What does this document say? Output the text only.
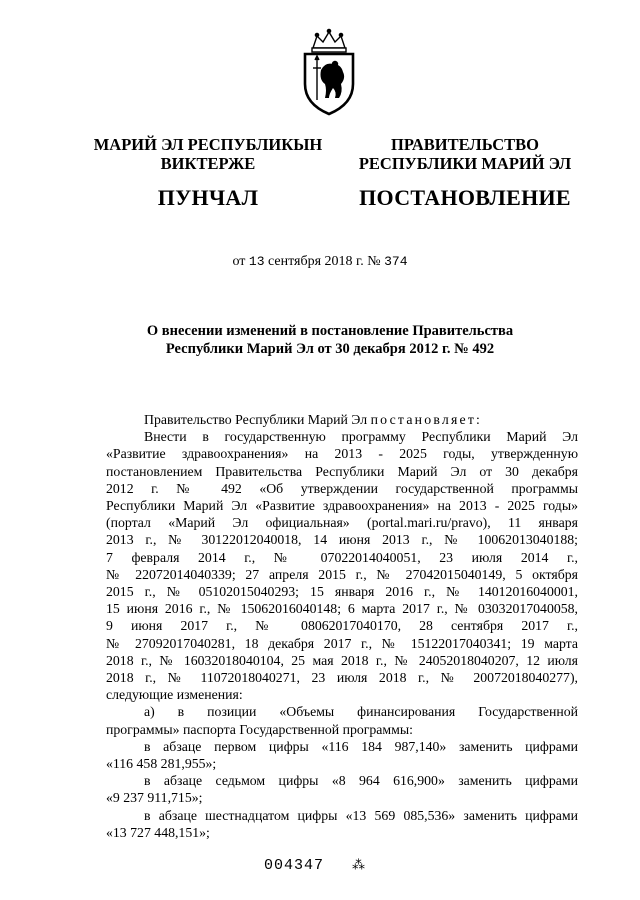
МАРИЙ ЭЛ РЕСПУБЛИКЫН
ВИКТЕРЖЕ
ПУНЧАЛ
ПРАВИТЕЛЬСТВО
РЕСПУБЛИКИ МАРИЙ ЭЛ
ПОСТАНОВЛЕНИЕ
от 13 сентября 2018 г. № 374
О внесении изменений в постановление Правительства
Республики Марий Эл от 30 декабря 2012 г. № 492

Правительство Республики Марий Эл постановляет:

Внести в государственную программу Республики Марий Эл

«Развитие здравоохранения» на 2013 - 2025 годы, утвержденную

постановлением Правительства Республики Марий Эл от 30 декабря

2012 г. № 492 «Об утверждении государственной программы

Республики Марий Эл «Развитие здравоохранения» на 2013 - 2025 годы»

(портал «Марий Эл официальная» (portal.mari.ru/pravo), 11 января

2013 г., № 30122012040018, 14 июня 2013 г., № 10062013040188;

7 февраля 2014 г., № 07022014040051, 23 июля 2014 г.,

№ 22072014040339; 27 апреля 2015 г., № 27042015040149, 5 октября

2015 г., № 05102015040293; 15 января 2016 г., № 14012016040001,

15 июня 2016 г., № 15062016040148; 6 марта 2017 г., № 03032017040058,

9 июня 2017 г., № 08062017040170, 28 сентября 2017 г.,

№ 27092017040281, 18 декабря 2017 г., № 15122017040341; 19 марта

2018 г., № 16032018040104, 25 мая 2018 г., № 24052018040207, 12 июля

2018 г., № 11072018040271, 23 июля 2018 г., № 20072018040277),

следующие изменения:

а) в позиции «Объемы финансирования Государственной

программы» паспорта Государственной программы:

в абзаце первом цифры «116 184 987,140» заменить цифрами

«116 458 281,955»;

в абзаце седьмом цифры «8 964 616,900» заменить цифрами

«9 237 911,715»;

в абзаце шестнадцатом цифры «13 569 085,536» заменить цифрами

«13 727 448,151»;

004347 ⁂
